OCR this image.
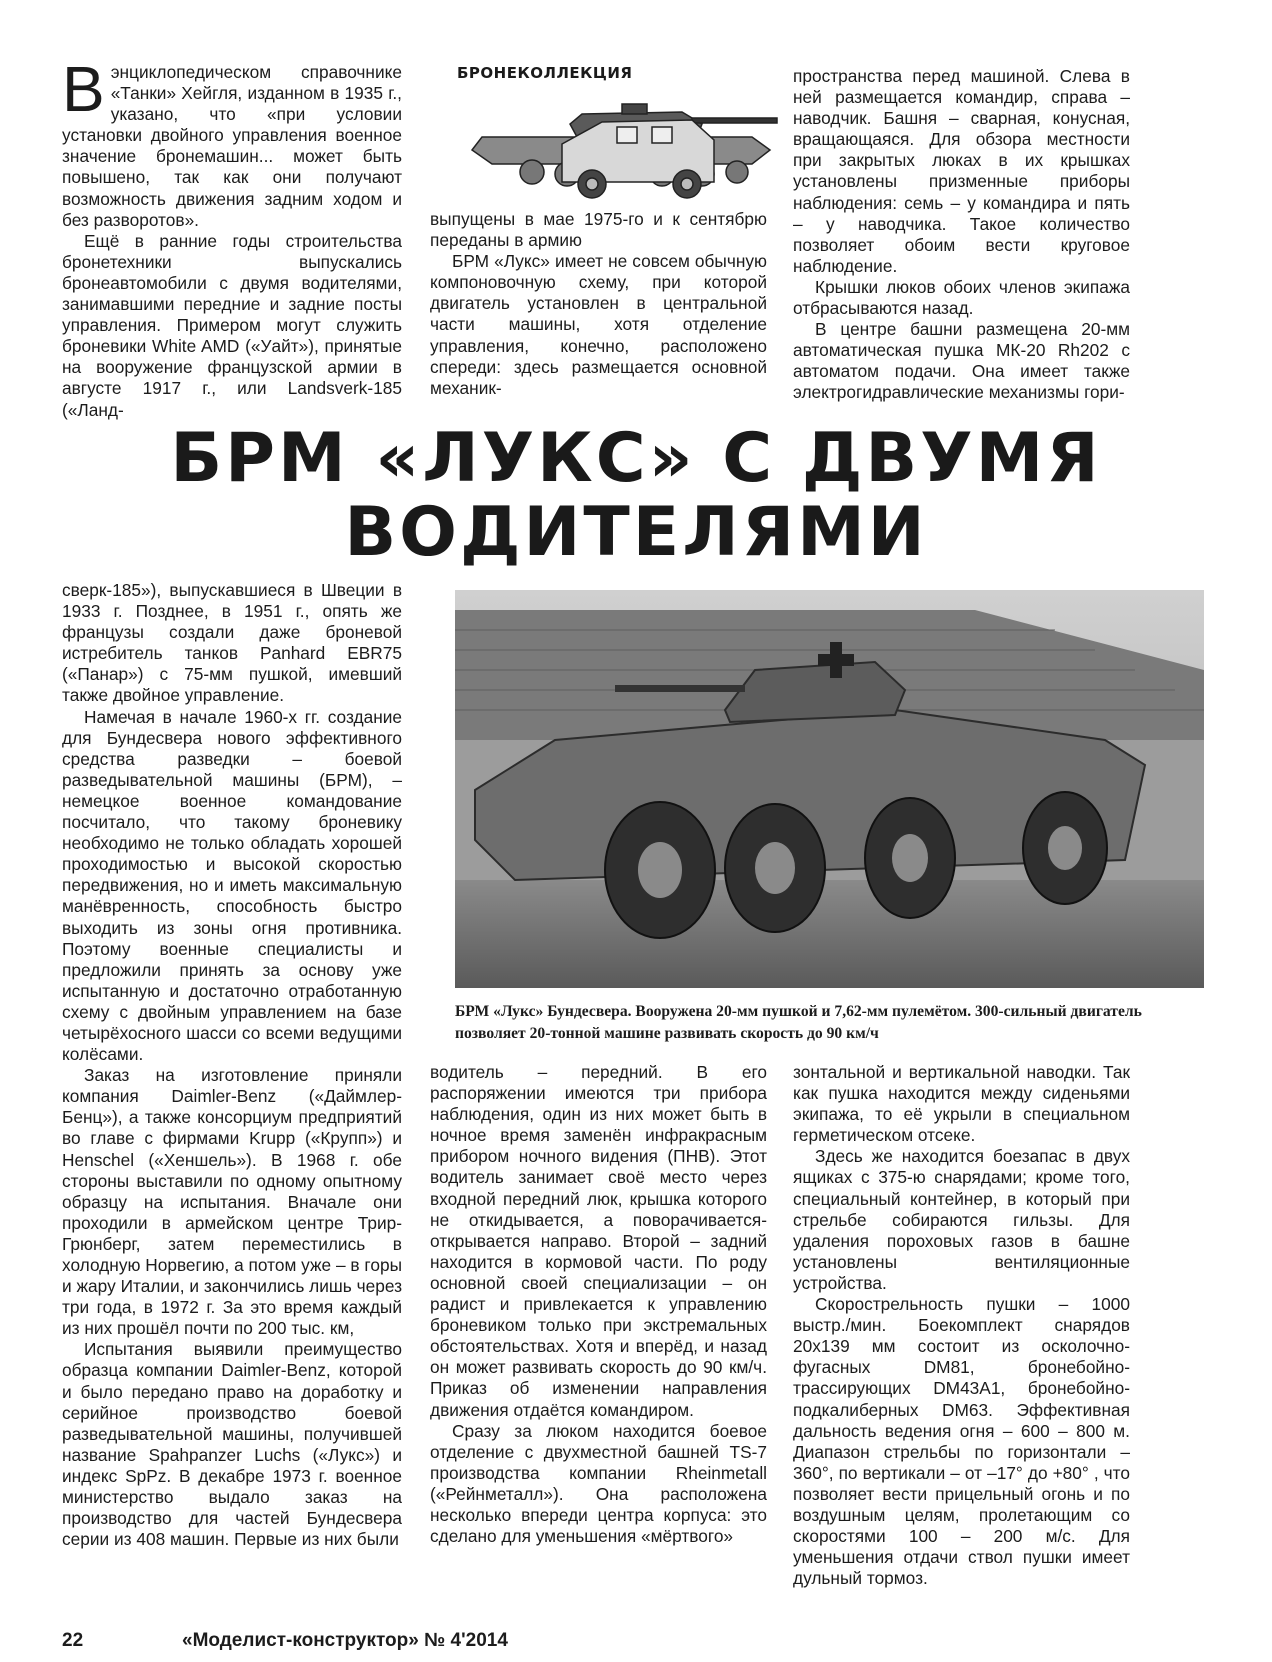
БРОНЕКОЛЛЕКЦИЯ
В энциклопедическом справочнике «Танки» Хейгля, изданном в 1935 г., указано, что «при условии установки двойного управления военное значение бронемашин... может быть повышено, так как они получают возможность движения задним ходом и без разворотов».

Ещё в ранние годы строительства бронетехники выпускались бронеавтомобили с двумя водителями, занимавшими передние и задние посты управления. Примером могут служить броневики White AMD («Уайт»), принятые на вооружение французской армии в августе 1917 г., или Landsverk-185 («Ланд-

выпущены в мае 1975-го и к сентябрю переданы в армию

БРМ «Лукс» имеет не совсем обычную компоновочную схему, при которой двигатель установлен в центральной части машины, хотя отделение управления, конечно, расположено спереди: здесь размещается основной механик-

пространства перед машиной. Слева в ней размещается командир, справа – наводчик. Башня – сварная, конусная, вращающаяся. Для обзора местности при закрытых люках в их крышках установлены призменные приборы наблюдения: семь – у командира и пять – у наводчика. Такое количество позволяет обоим вести круговое наблюдение.

Крышки люков обоих членов экипажа отбрасываются назад.

В центре башни размещена 20-мм автоматическая пушка МК-20 Rh202 с автоматом подачи. Она имеет также электрогидравлические механизмы гори-

БРМ «ЛУКС» С ДВУМЯ
ВОДИТЕЛЯМИ

сверк-185»), выпускавшиеся в Швеции в 1933 г. Позднее, в 1951 г., опять же французы создали даже броневой истребитель танков Panhard EBR75 («Панар») с 75-мм пушкой, имевший также двойное управление.

Намечая в начале 1960-х гг. создание для Бундесвера нового эффективного средства разведки – боевой разведывательной машины (БРМ), – немецкое военное командование посчитало, что такому броневику необходимо не только обладать хорошей проходимостью и высокой скоростью передвижения, но и иметь максимальную манёвренность, способность быстро выходить из зоны огня противника. Поэтому военные специалисты и предложили принять за основу уже испытанную и достаточно отработанную схему с двойным управлением на базе четырёхосного шасси со всеми ведущими колёсами.

Заказ на изготовление приняли компания Daimler-Benz («Даймлер-Бенц»), а также консорциум предприятий во главе с фирмами Krupp («Крупп») и Henschel («Хеншель»). В 1968 г. обе стороны выставили по одному опытному образцу на испытания. Вначале они проходили в армейском центре Трир-Грюнберг, затем переместились в холодную Норвегию, а потом уже – в горы и жару Италии, и закончились лишь через три года, в 1972 г. За это время каждый из них прошёл почти по 200 тыс. км,

Испытания выявили преимущество образца компании Daimler-Benz, которой и было передано право на доработку и серийное производство боевой разведывательной машины, получившей название Spahpanzer Luchs («Лукс») и индекс SpPz. В декабре 1973 г. военное министерство выдало заказ на производство для частей Бундесвера серии из 408 машин. Первые из них были

БРМ «Лукс» Бундесвера. Вооружена 20-мм пушкой и 7,62-мм пулемётом. 300-сильный двигатель позволяет 20-тонной машине развивать скорость до 90 км/ч

водитель – передний. В его распоряжении имеются три прибора наблюдения, один из них может быть в ночное время заменён инфракрасным прибором ночного видения (ПНВ). Этот водитель занимает своё место через входной передний люк, крышка которого не откидывается, а поворачивается-открывается направо. Второй – задний находится в кормовой части. По роду основной своей специализации – он радист и привлекается к управлению броневиком только при экстремальных обстоятельствах. Хотя и вперёд, и назад он может развивать скорость до 90 км/ч. Приказ об изменении направления движения отдаётся командиром.

Сразу за люком находится боевое отделение с двухместной башней TS-7 производства компании Rheinmetall («Рейнметалл»). Она расположена несколько впереди центра корпуса: это сделано для уменьшения «мёртвого»

зонтальной и вертикальной наводки. Так как пушка находится между сиденьями экипажа, то её укрыли в специальном герметическом отсеке.

Здесь же находится боезапас в двух ящиках с 375-ю снарядами; кроме того, специальный контейнер, в который при стрельбе собираются гильзы. Для удаления пороховых газов в башне установлены вентиляционные устройства.

Скорострельность пушки – 1000 выстр./мин. Боекомплект снарядов 20x139 мм состоит из осколочно-фугасных DM81, бронебойно-трассирующих DM43A1, бронебойно-подкалиберных DM63. Эффективная дальность ведения огня – 600 – 800 м. Диапазон стрельбы по горизонтали – 360°, по вертикали – от –17° до +80° , что позволяет вести прицельный огонь и по воздушным целям, пролетающим со скоростями 100 – 200 м/с. Для уменьшения отдачи ствол пушки имеет дульный тормоз.

22	«Моделист-конструктор» № 4'2014
